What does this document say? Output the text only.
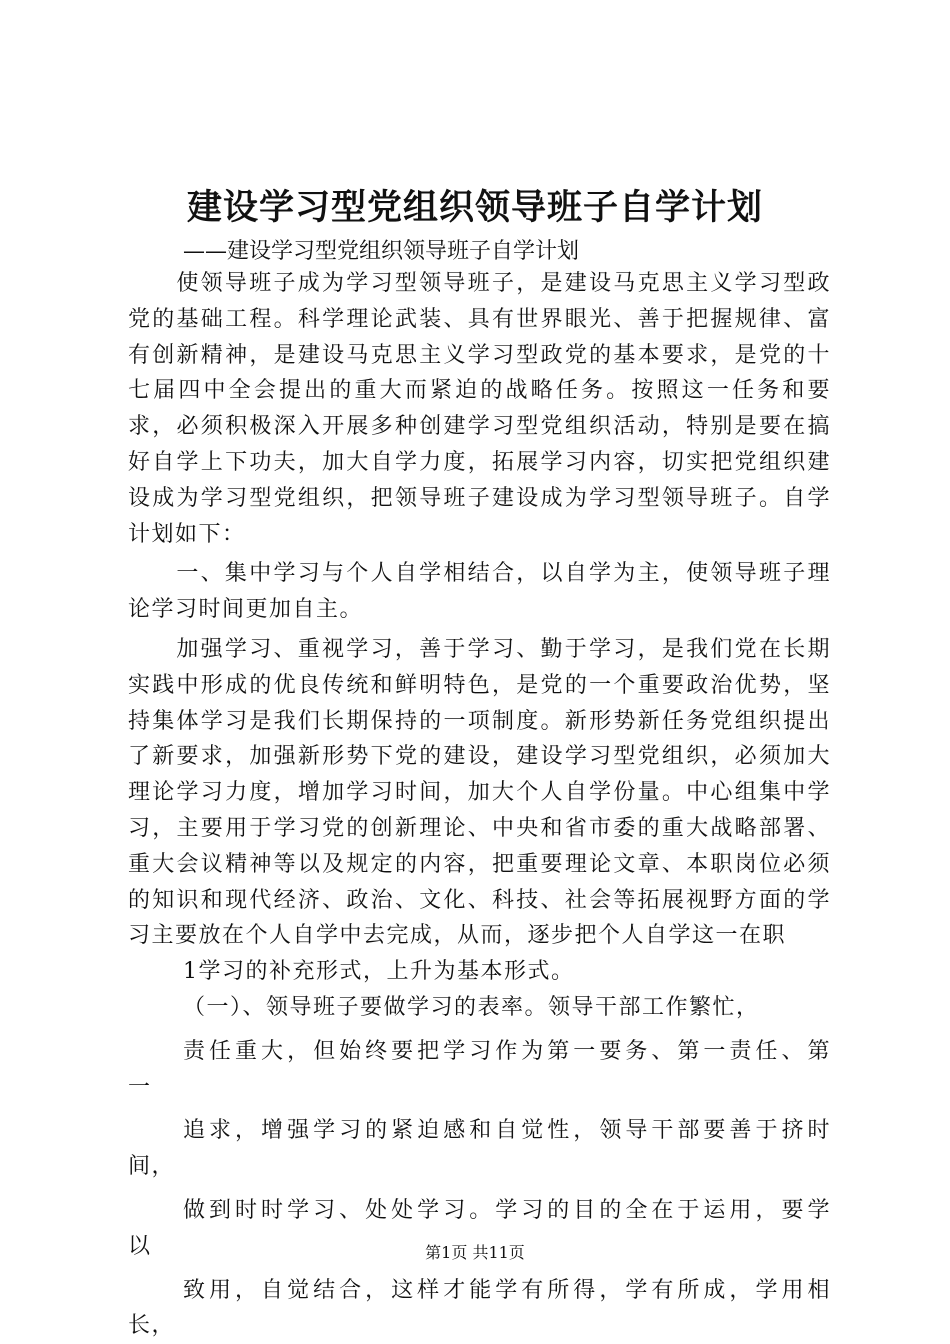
建设学习型党组织领导班子自学计划
——建设学习型党组织领导班子自学计划

使领导班子成为学习型领导班子，是建设马克思主义学习型政党的基础工程。科学理论武装、具有世界眼光、善于把握规律、富有创新精神，是建设马克思主义学习型政党的基本要求，是党的十七届四中全会提出的重大而紧迫的战略任务。按照这一任务和要求，必须积极深入开展多种创建学习型党组织活动，特别是要在搞好自学上下功夫，加大自学力度，拓展学习内容，切实把党组织建设成为学习型党组织，把领导班子建设成为学习型领导班子。自学计划如下：

一、集中学习与个人自学相结合，以自学为主，使领导班子理论学习时间更加自主。

加强学习、重视学习，善于学习、勤于学习，是我们党在长期实践中形成的优良传统和鲜明特色，是党的一个重要政治优势，坚持集体学习是我们长期保持的一项制度。新形势新任务党组织提出了新要求，加强新形势下党的建设，建设学习型党组织，必须加大理论学习力度，增加学习时间，加大个人自学份量。中心组集中学习，主要用于学习党的创新理论、中央和省市委的重大战略部署、重大会议精神等以及规定的内容，把重要理论文章、本职岗位必须的知识和现代经济、政治、文化、科技、社会等拓展视野方面的学习主要放在个人自学中去完成，从而，逐步把个人自学这一在职

1学习的补充形式，上升为基本形式。

（一）、领导班子要做学习的表率。领导干部工作繁忙，

责任重大，但始终要把学习作为第一要务、第一责任、第
一
追求，增强学习的紧迫感和自觉性，领导干部要善于挤时
间，
做到时时学习、处处学习。学习的目的全在于运用，要学
以
致用，自觉结合，这样才能学有所得，学有所成，学用相
长，
第1页 共11页
